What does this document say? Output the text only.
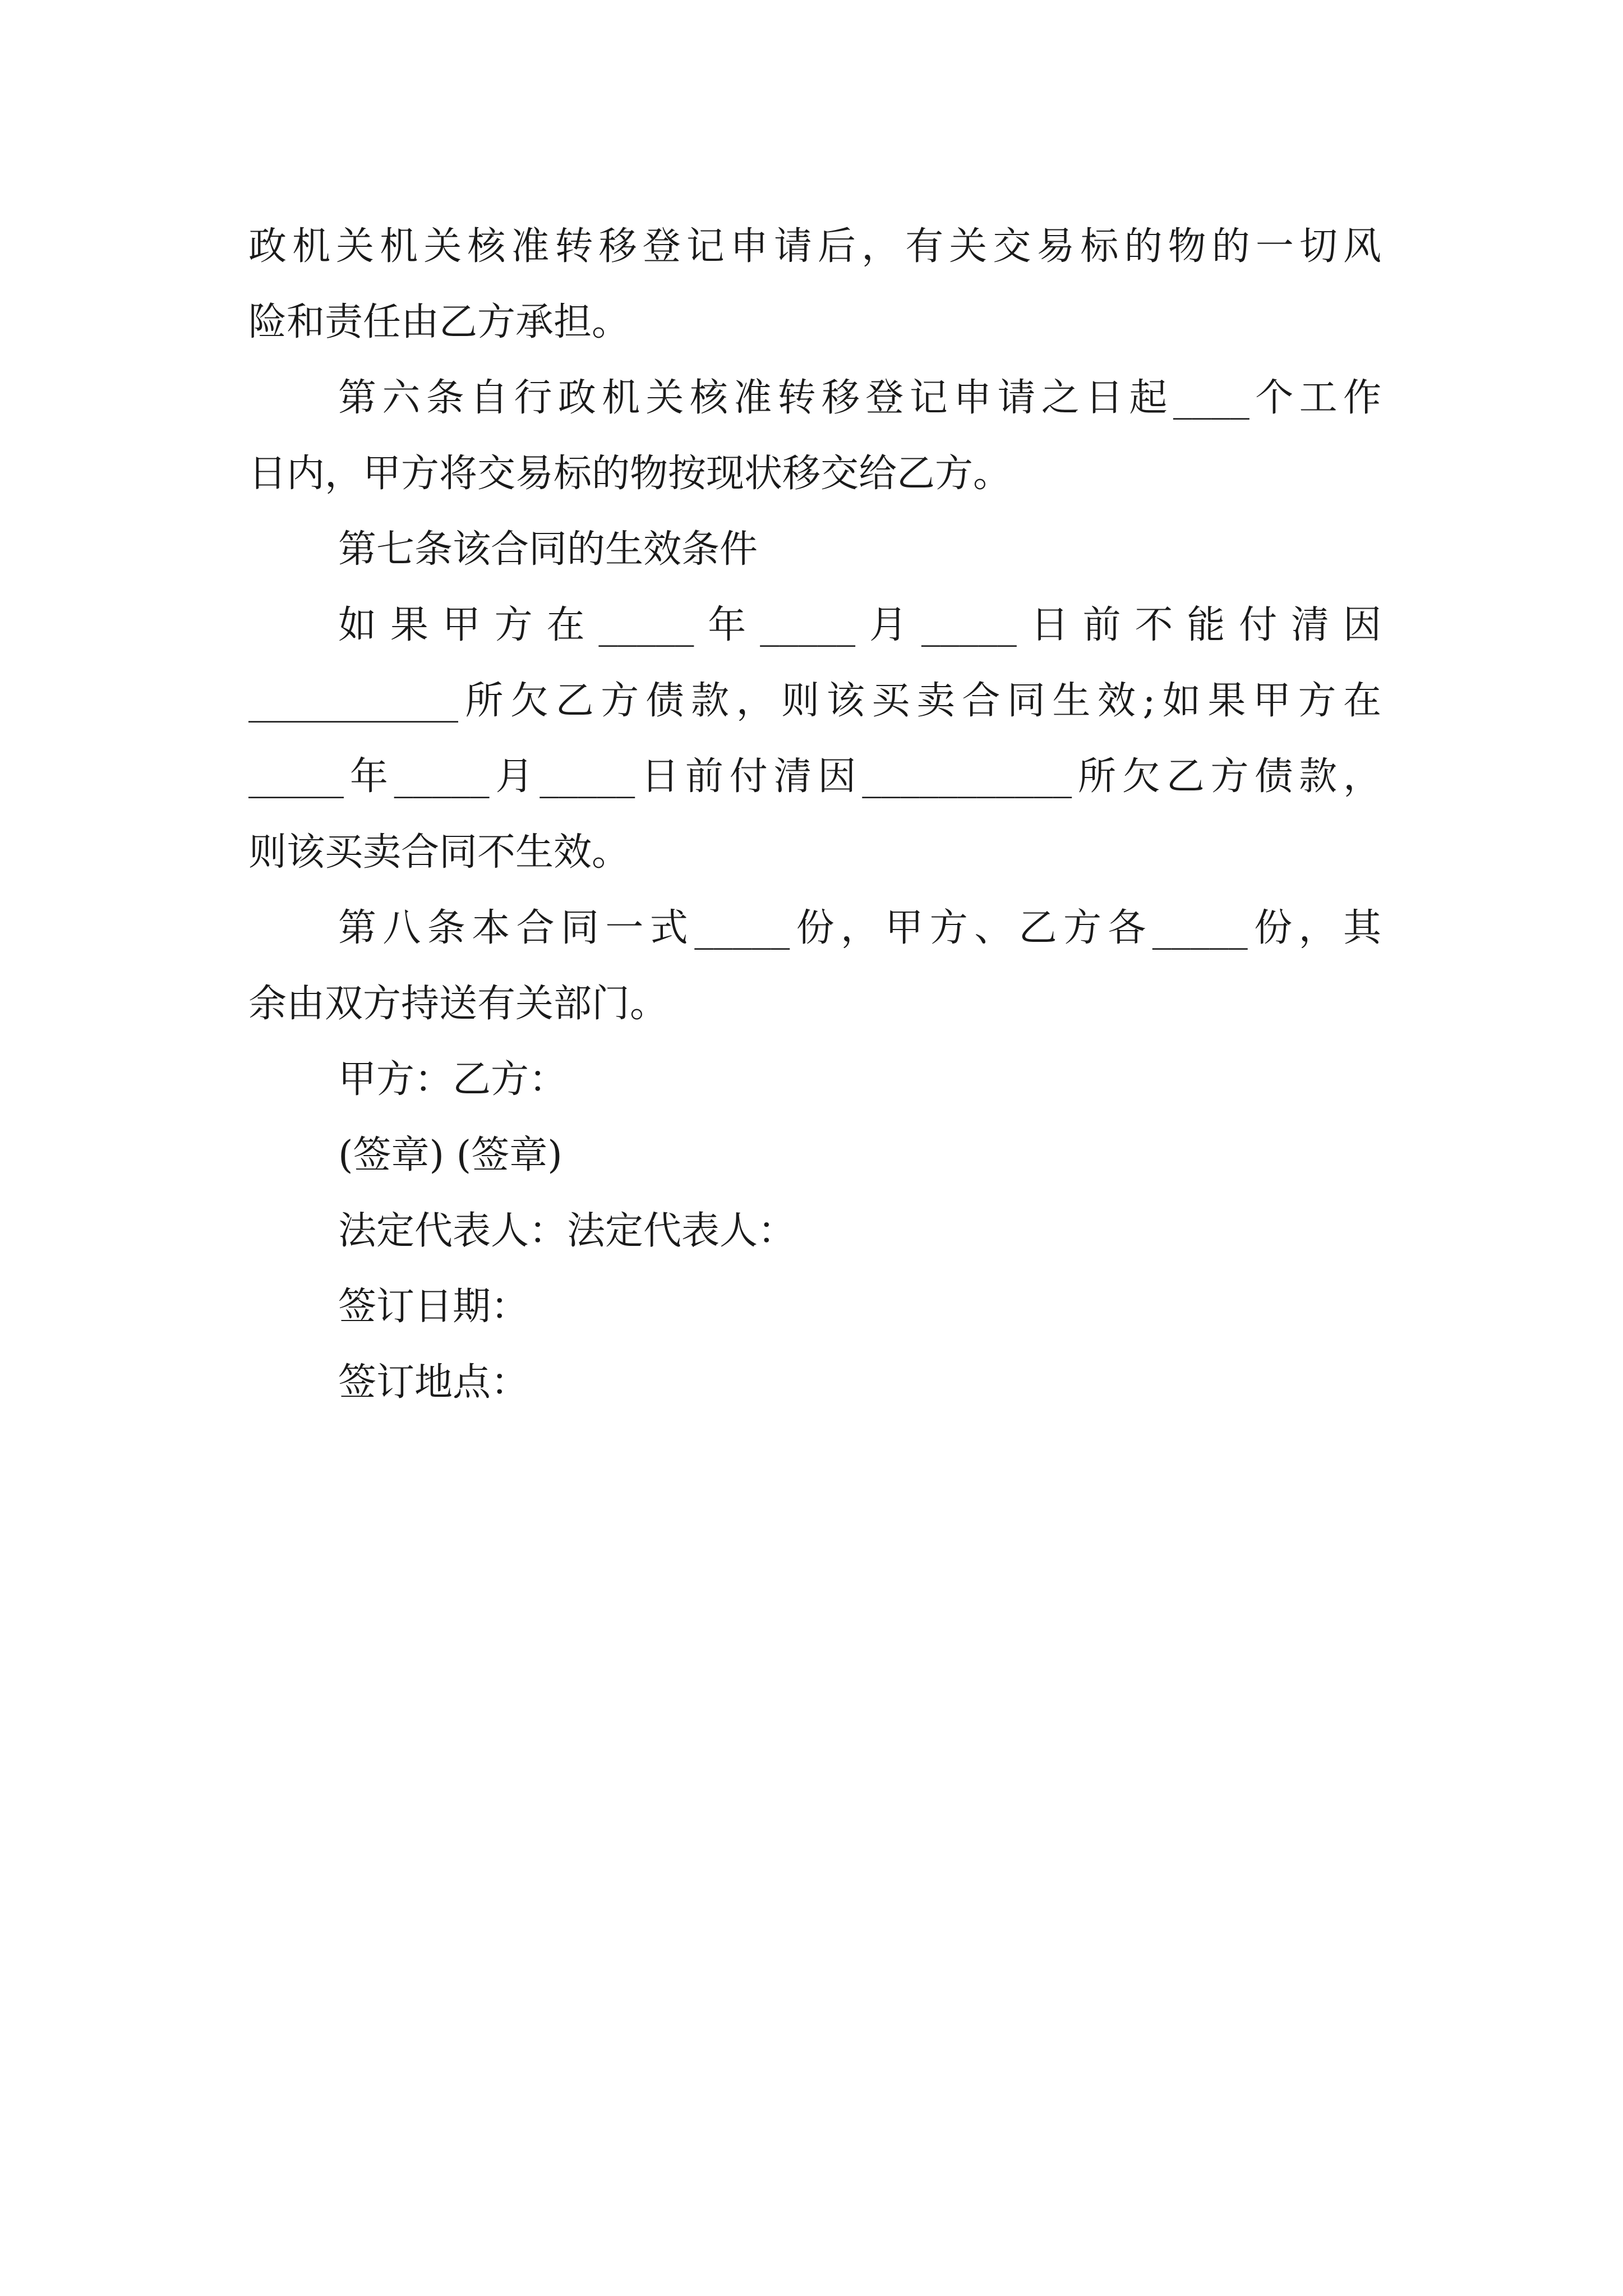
政机关机关核准转移登记申请后，有关交易标的物的一切风
险和责任由乙方承担。
第六条自行政机关核准转移登记申请之日起____个工作
日内，甲方将交易标的物按现状移交给乙方。
第七条该合同的生效条件
如果甲方在_____年_____月_____日前不能付清因
___________所欠乙方债款，则该买卖合同生效;如果甲方在
_____年_____月_____日前付清因___________所欠乙方债款，
则该买卖合同不生效。
第八条本合同一式_____份，甲方、乙方各_____份，其
余由双方持送有关部门。
甲方：乙方：
(签章) (签章)
法定代表人：法定代表人：
签订日期：
签订地点：
